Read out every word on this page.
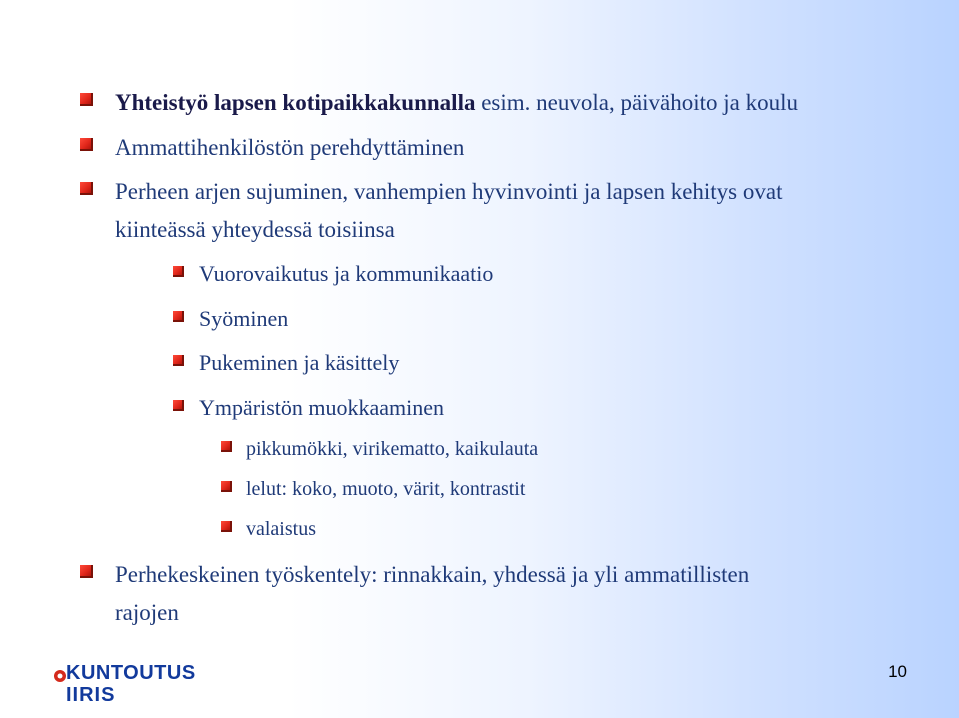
Yhteistyö lapsen kotipaikkakunnalla esim. neuvola, päivähoito ja koulu
Ammattihenkilöstön perehdyttäminen
Perheen arjen sujuminen, vanhempien hyvinvointi ja lapsen kehitys ovat
kiinteässä yhteydessä toisiinsa
Vuorovaikutus ja kommunikaatio
Syöminen
Pukeminen ja käsittely
Ympäristön muokkaaminen
pikkumökki, virikematto, kaikulauta
lelut: koko, muoto, värit, kontrastit
valaistus
Perhekeskeinen työskentely: rinnakkain, yhdessä ja yli ammatillisten
rajojen
KUNTOUTUS
IIRIS
10
